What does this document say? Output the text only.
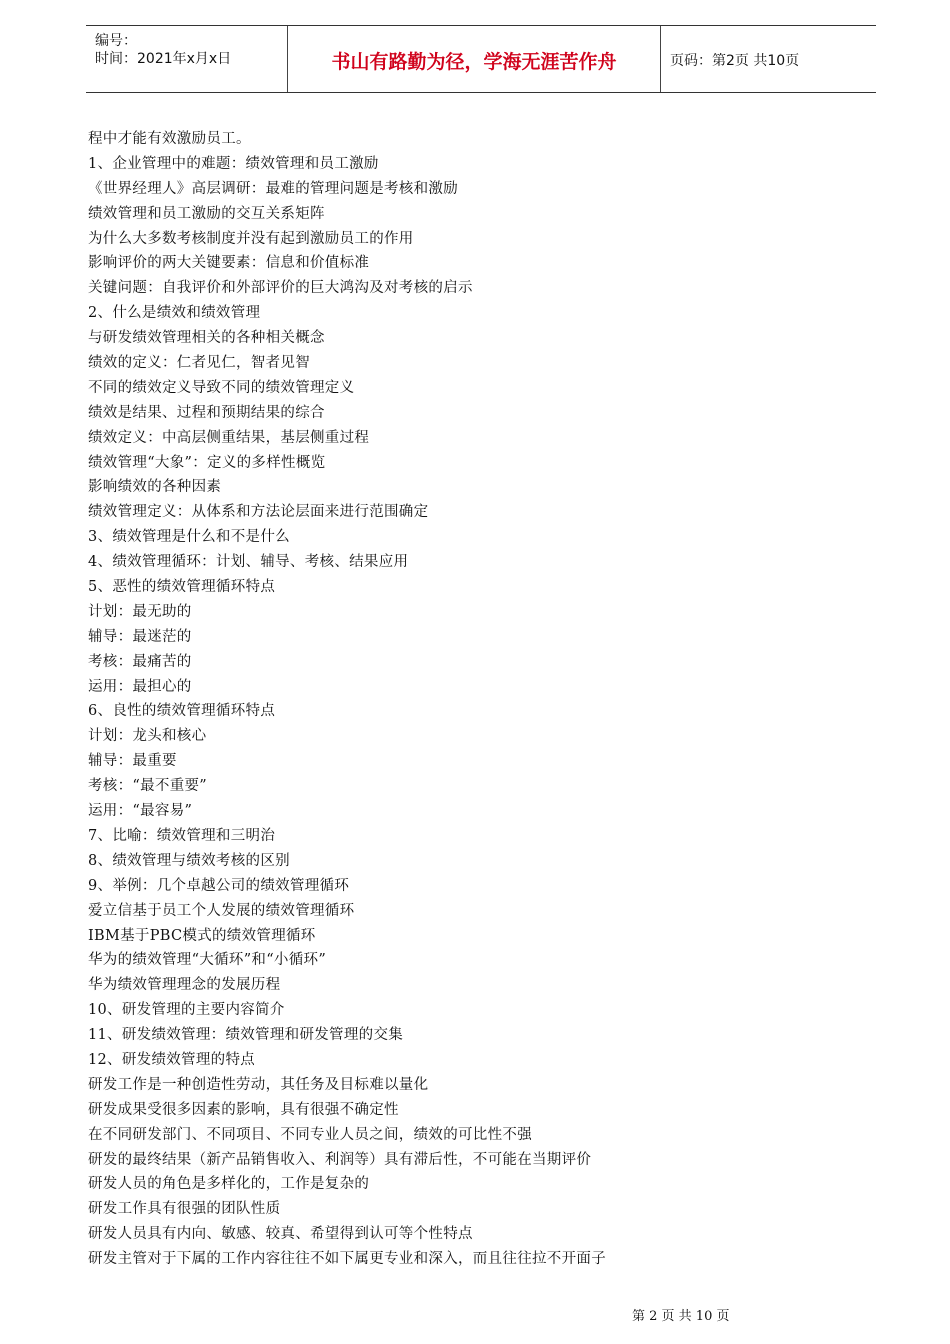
编号：
时间：2021年x月x日	书山有路勤为径，学海无涯苦作舟	页码：第2页 共10页
程中才能有效激励员工。
1、企业管理中的难题：绩效管理和员工激励
《世界经理人》高层调研：最难的管理问题是考核和激励
绩效管理和员工激励的交互关系矩阵
为什么大多数考核制度并没有起到激励员工的作用
影响评价的两大关键要素：信息和价值标准
关键问题：自我评价和外部评价的巨大鸿沟及对考核的启示
2、什么是绩效和绩效管理
与研发绩效管理相关的各种相关概念
绩效的定义：仁者见仁，智者见智
不同的绩效定义导致不同的绩效管理定义
绩效是结果、过程和预期结果的综合
绩效定义：中高层侧重结果，基层侧重过程
绩效管理“大象”：定义的多样性概览
影响绩效的各种因素
绩效管理定义：从体系和方法论层面来进行范围确定
3、绩效管理是什么和不是什么
4、绩效管理循环：计划、辅导、考核、结果应用
5、恶性的绩效管理循环特点
计划：最无助的
辅导：最迷茫的
考核：最痛苦的
运用：最担心的
6、良性的绩效管理循环特点
计划：龙头和核心
辅导：最重要
考核：“最不重要”
运用：“最容易”
7、比喻：绩效管理和三明治
8、绩效管理与绩效考核的区别
9、举例：几个卓越公司的绩效管理循环
爱立信基于员工个人发展的绩效管理循环
IBM基于PBC模式的绩效管理循环
华为的绩效管理“大循环”和“小循环”
华为绩效管理理念的发展历程
10、研发管理的主要内容简介
11、研发绩效管理：绩效管理和研发管理的交集
12、研发绩效管理的特点
研发工作是一种创造性劳动，其任务及目标难以量化
研发成果受很多因素的影响，具有很强不确定性
在不同研发部门、不同项目、不同专业人员之间，绩效的可比性不强
研发的最终结果（新产品销售收入、利润等）具有滞后性，不可能在当期评价
研发人员的角色是多样化的，工作是复杂的
研发工作具有很强的团队性质
研发人员具有内向、敏感、较真、希望得到认可等个性特点
研发主管对于下属的工作内容往往不如下属更专业和深入，而且往往拉不开面子
第 2 页 共 10 页
